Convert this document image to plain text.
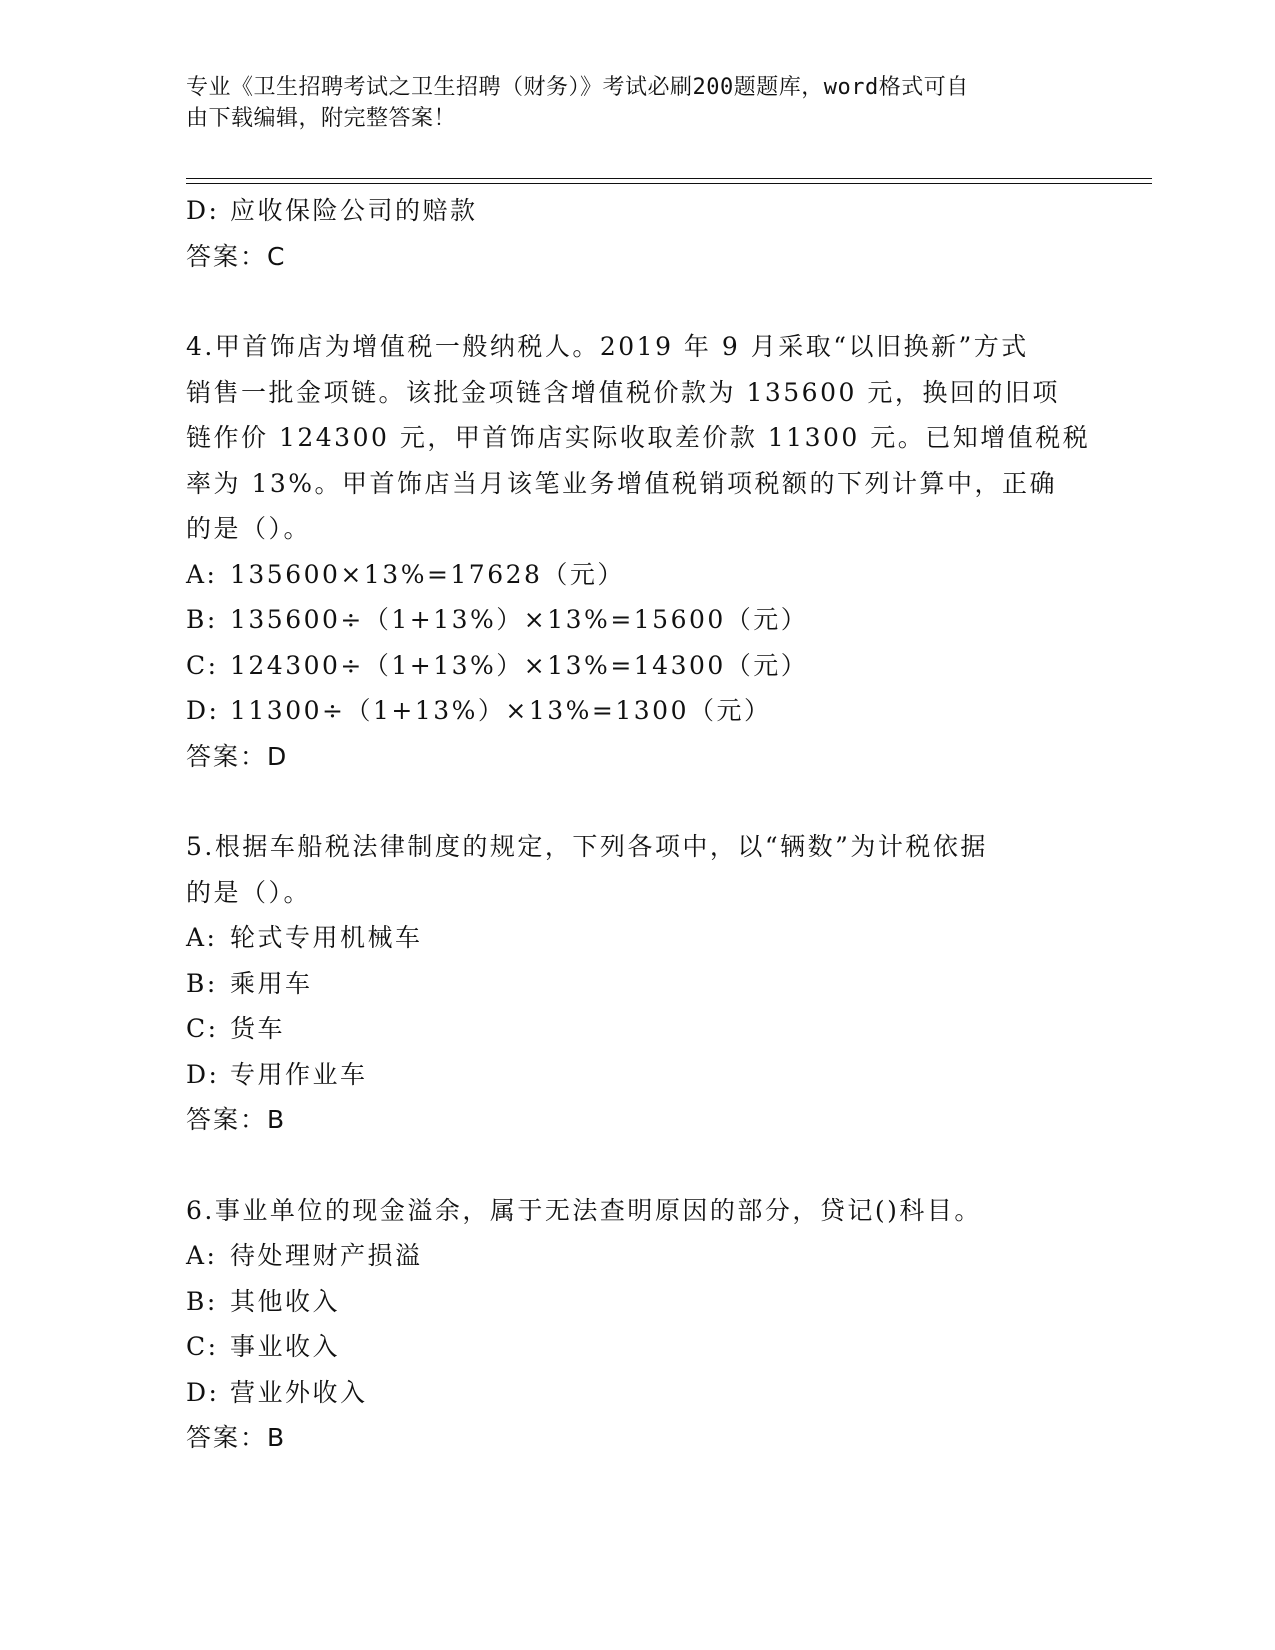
专业《卫生招聘考试之卫生招聘（财务）》考试必刷200题题库，word格式可自
由下载编辑，附完整答案！
D: 应收保险公司的赔款
答案：C
4.甲首饰店为增值税一般纳税人。2019 年 9 月采取“以旧换新”方式
销售一批金项链。该批金项链含增值税价款为 135600 元，换回的旧项
链作价 124300 元，甲首饰店实际收取差价款 11300 元。已知增值税税
率为 13%。甲首饰店当月该笔业务增值税销项税额的下列计算中，正确
的是（）。
A: 135600×13%=17628（元）
B: 135600÷（1+13%）×13%=15600（元）
C: 124300÷（1+13%）×13%=14300（元）
D: 11300÷（1+13%）×13%=1300（元）
答案：D
5.根据车船税法律制度的规定，下列各项中，以“辆数”为计税依据
的是（）。
A: 轮式专用机械车
B: 乘用车
C: 货车
D: 专用作业车
答案：B
6.事业单位的现金溢余，属于无法查明原因的部分，贷记()科目。
A: 待处理财产损溢
B: 其他收入
C: 事业收入
D: 营业外收入
答案：B
